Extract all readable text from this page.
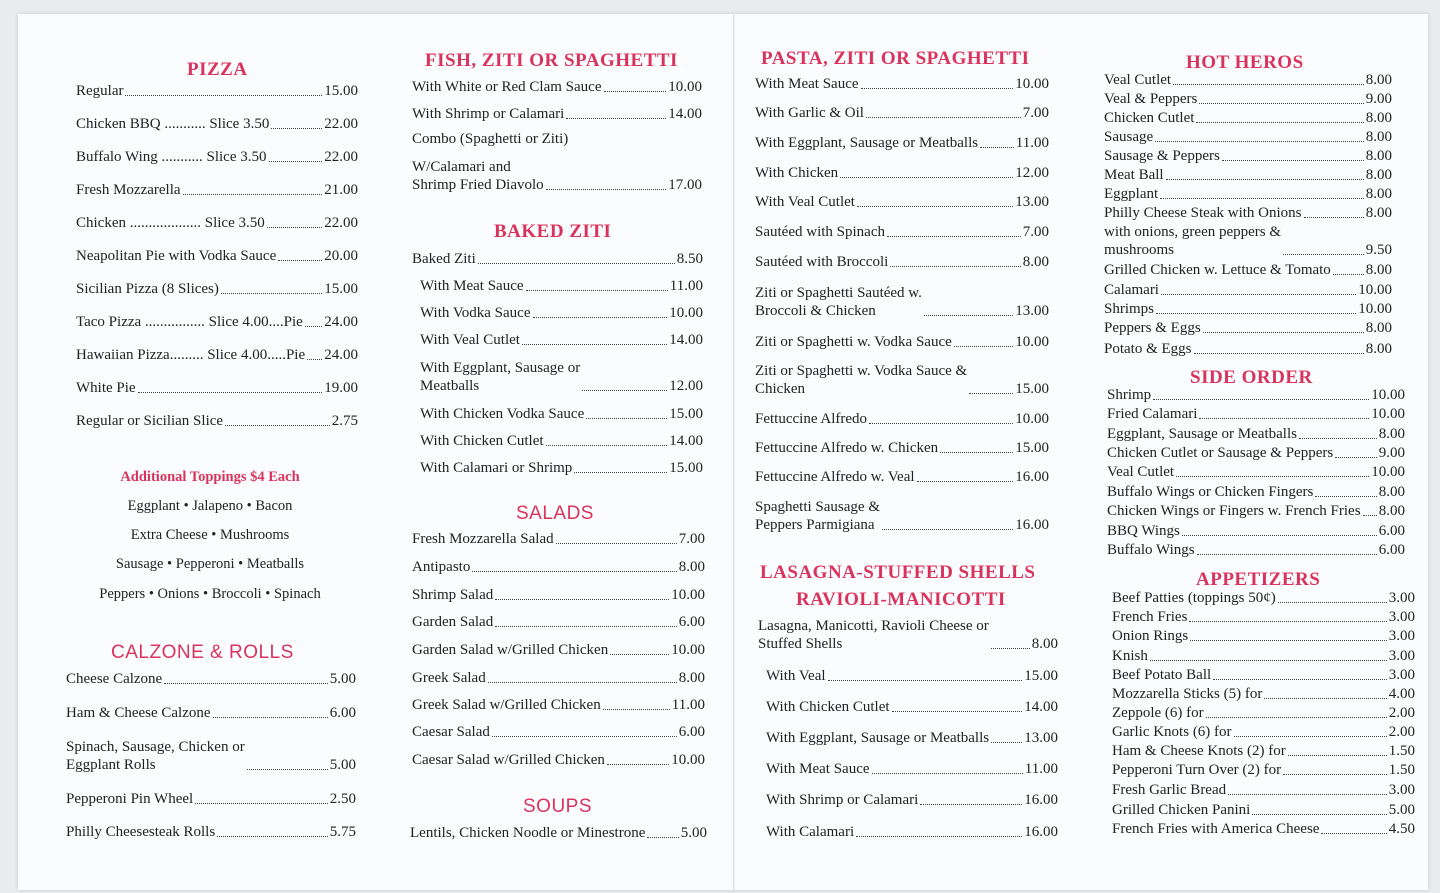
PIZZA
Regular	15.00
Chicken BBQ ........... Slice 3.50	22.00
Buffalo Wing ........... Slice 3.50	22.00
Fresh Mozzarella	21.00
Chicken ................... Slice 3.50	22.00
Neapolitan Pie with Vodka Sauce	20.00
Sicilian Pizza (8 Slices)	15.00
Taco Pizza ................ Slice 4.00....Pie 24.00
Hawaiian Pizza......... Slice 4.00.....Pie 24.00
White Pie	19.00
Regular or Sicilian Slice	2.75
Additional Toppings $4 Each
Eggplant • Jalapeno • Bacon
Extra Cheese • Mushrooms
Sausage • Pepperoni • Meatballs
Peppers • Onions • Broccoli • Spinach
CALZONE & ROLLS
Cheese Calzone	5.00
Ham & Cheese Calzone	6.00
Spinach, Sausage, Chicken or
Eggplant Rolls	5.00
Pepperoni Pin Wheel	2.50
Philly Cheesesteak Rolls	5.75
FISH, ZITI OR SPAGHETTI
With White or Red Clam Sauce	10.00
With Shrimp or Calamari	14.00
Combo (Spaghetti or Ziti)
W/Calamari and
Shrimp Fried Diavolo	17.00
BAKED ZITI
Baked Ziti	8.50
With Meat Sauce	11.00
With Vodka Sauce	10.00
With Veal Cutlet	14.00
With Eggplant, Sausage or
Meatballs	12.00
With Chicken Vodka Sauce	15.00
With Chicken Cutlet	14.00
With Calamari or Shrimp	15.00
SALADS
Fresh Mozzarella Salad	7.00
Antipasto	8.00
Shrimp Salad	10.00
Garden Salad	6.00
Garden Salad w/Grilled Chicken	10.00
Greek Salad	8.00
Greek Salad w/Grilled Chicken	11.00
Caesar Salad	6.00
Caesar Salad w/Grilled Chicken	10.00
SOUPS
Lentils, Chicken Noodle or Minestrone 5.00
PASTA, ZITI OR SPAGHETTI
With Meat Sauce	10.00
With Garlic & Oil	7.00
With Eggplant, Sausage or Meatballs	11.00
With Chicken	12.00
With Veal Cutlet	13.00
Sautéed with Spinach	7.00
Sautéed with Broccoli	8.00
Ziti or Spaghetti Sautéed w.
Broccoli & Chicken	13.00
Ziti or Spaghetti w. Vodka Sauce	10.00
Ziti or Spaghetti w. Vodka Sauce &
Chicken	15.00
Fettuccine Alfredo	10.00
Fettuccine Alfredo w. Chicken	15.00
Fettuccine Alfredo w. Veal	16.00
Spaghetti Sausage &
Peppers Parmigiana	16.00
LASAGNA-STUFFED SHELLS
RAVIOLI-MANICOTTI
Lasagna, Manicotti, Ravioli Cheese or
Stuffed Shells	8.00
With Veal	15.00
With Chicken Cutlet	14.00
With Eggplant, Sausage or Meatballs 13.00
With Meat Sauce	11.00
With Shrimp or Calamari	16.00
With Calamari	16.00
HOT HEROS
Veal Cutlet	8.00
Veal & Peppers	9.00
Chicken Cutlet	8.00
Sausage	8.00
Sausage & Peppers	8.00
Meat Ball	8.00
Eggplant	8.00
Philly Cheese Steak with Onions	8.00
with onions, green peppers &
mushrooms	9.50
Grilled Chicken w. Lettuce & Tomato 8.00
Calamari	10.00
Shrimps	10.00
Peppers & Eggs	8.00
Potato & Eggs	8.00
SIDE ORDER
Shrimp	10.00
Fried Calamari	10.00
Eggplant, Sausage or Meatballs	8.00
Chicken Cutlet or Sausage & Peppers	9.00
Veal Cutlet	10.00
Buffalo Wings or Chicken Fingers	8.00
Chicken Wings or Fingers w. French Fries 8.00
BBQ Wings	6.00
Buffalo Wings	6.00
APPETIZERS
Beef Patties (toppings 50¢)	3.00
French Fries	3.00
Onion Rings	3.00
Knish	3.00
Beef Potato Ball	3.00
Mozzarella Sticks (5) for	4.00
Zeppole (6) for	2.00
Garlic Knots (6) for	2.00
Ham & Cheese Knots (2) for	1.50
Pepperoni Turn Over (2) for	1.50
Fresh Garlic Bread	3.00
Grilled Chicken Panini	5.00
French Fries with America Cheese	4.50
